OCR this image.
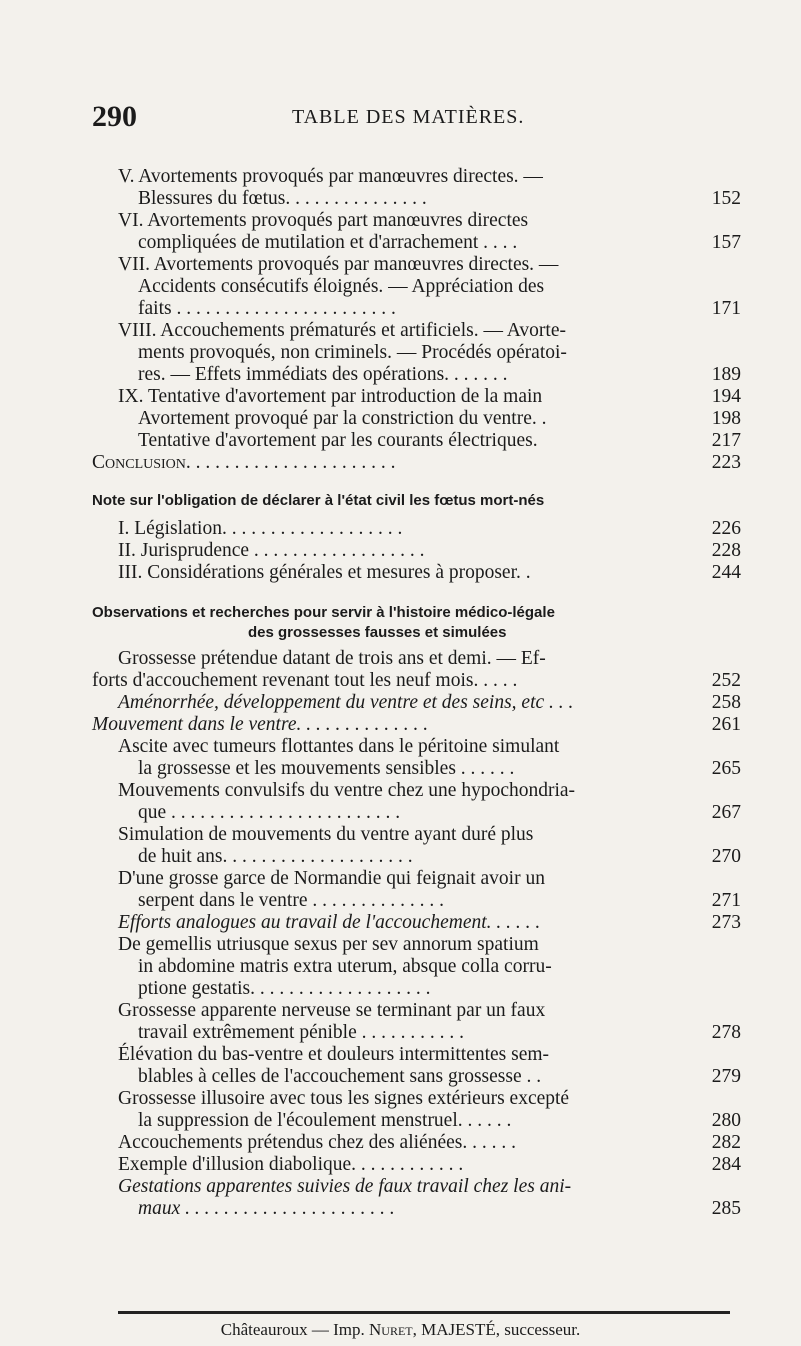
290	TABLE DES MATIÈRES.
V. Avortements provoqués par manœuvres directes. —
Blessures du fœtus. . . . . . . . . . . . . . .	152
VI. Avortements provoqués part manœuvres directes
compliquées de mutilation et d'arrachement . . . .	157
VII. Avortements provoqués par manœuvres directes. —
Accidents consécutifs éloignés. — Appréciation des
faits . . . . . . . . . . . . . . . . . . . . . . .	171
VIII. Accouchements prématurés et artificiels. — Avorte-
ments provoqués, non criminels. — Procédés opératoi-
res. — Effets immédiats des opérations. . . . . . .	189
IX. Tentative d'avortement par introduction de la main	194
Avortement provoqué par la constriction du ventre. .	198
Tentative d'avortement par les courants électriques.	217
Conclusion. . . . . . . . . . . . . . . . . . . . . .	223
Note sur l'obligation de déclarer à l'état civil les fœtus mort-nés
I. Législation. . . . . . . . . . . . . . . . . . .	226
II. Jurisprudence . . . . . . . . . . . . . . . . . .	228
III. Considérations générales et mesures à proposer. .	244
Observations et recherches pour servir à l'histoire médico-légale
des grossesses fausses et simulées
Grossesse prétendue datant de trois ans et demi. — Ef-
forts d'accouchement revenant tout les neuf mois. . . . .	252
Aménorrhée, développement du ventre et des seins, etc . . .	258
Mouvement dans le ventre. . . . . . . . . . . . . .	261
Ascite avec tumeurs flottantes dans le péritoine simulant
la grossesse et les mouvements sensibles . . . . . .	265
Mouvements convulsifs du ventre chez une hypochondria-
que . . . . . . . . . . . . . . . . . . . . . . . .	267
Simulation de mouvements du ventre ayant duré plus
de huit ans. . . . . . . . . . . . . . . . . . . .	270
D'une grosse garce de Normandie qui feignait avoir un
serpent dans le ventre . . . . . . . . . . . . . .	271
Efforts analogues au travail de l'accouchement. . . . . .	273
De gemellis utriusque sexus per sev annorum spatium
in abdomine matris extra uterum, absque colla corru-
ptione gestatis. . . . . . . . . . . . . . . . . . .
Grossesse apparente nerveuse se terminant par un faux
travail extrêmement pénible . . . . . . . . . . .	278
Élévation du bas-ventre et douleurs intermittentes sem-
blables à celles de l'accouchement sans grossesse . .	279
Grossesse illusoire avec tous les signes extérieurs excepté
la suppression de l'écoulement menstruel. . . . . .	280
Accouchements prétendus chez des aliénées. . . . . .	282
Exemple d'illusion diabolique. . . . . . . . . . . .	284
Gestations apparentes suivies de faux travail chez les ani-
maux . . . . . . . . . . . . . . . . . . . . . .	285
Châteauroux — Imp. Nuret, MAJESTÉ, successeur.
